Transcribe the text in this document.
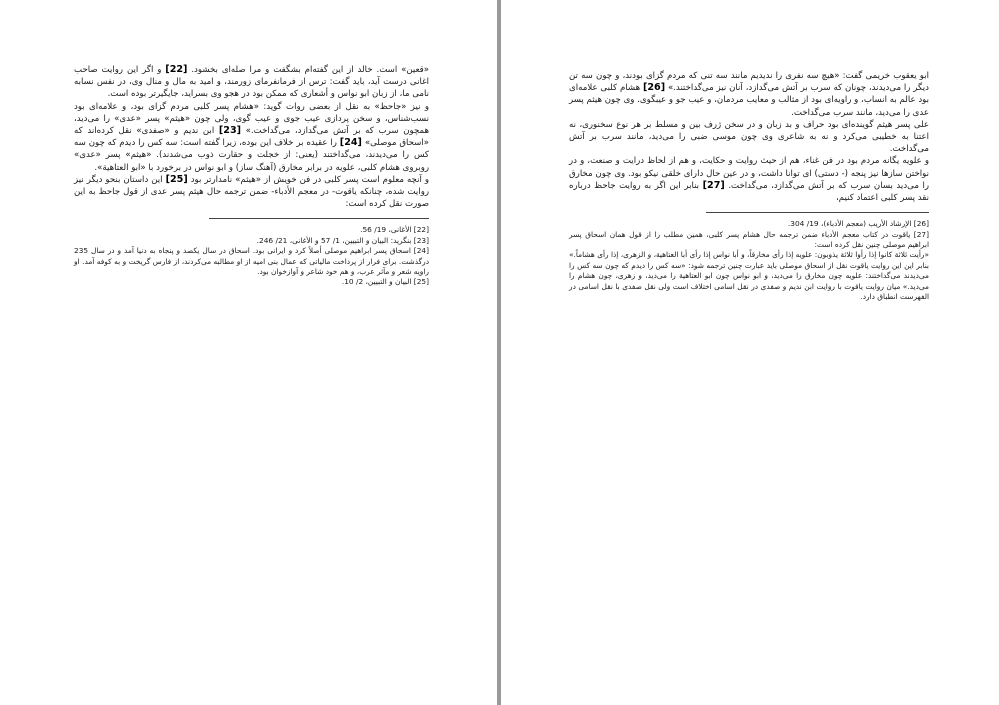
«قعين» است. خالد از این گفته‌ام بشگفت و مرا صله‌ای بخشود. [22] و اگر این روایت صاحب اغانی درست آید، باید گفت: ترس از فرمانفرمای زورمند، و امید به مال و منال وی، در نفس نسابه نامی ما، از زبان ابو نواس و أشعاری که ممکن بود در هجو وی بسراید، جایگیرتر بوده است.

و نیز «جاحظ» به نقل از بعضی روات گوید: «هشام پسر کلبی مردم گزای بود، و علامه‌ای بود نسب‌شناس، و سخن پردازی عیب جوی و عیب گوی، ولی چون «هیثم» پسر «عدی» را می‌دید، همچون سرب که بر آتش می‌گدازد، می‌گداخت.» [23] ابن ندیم و «صفدی» نقل کرده‌اند که «اسحاق موصلی» [24] را عقیده بر خلاف این بوده، زیرا گفته است: سه کس را دیدم که چون سه کس را می‌دیدند، می‌گداختند (یعنی: از خجلت و حقارت ذوب می‌شدند). «هیثم» پسر «عدی» روبروی هشام کلبی، علویه در برابر مخارق (آهنگ ساز) و ابو نواس در برخورد با «ابو العتاهیة».

و آنچه معلوم است پسر کلبی در فن خویش از «هیثم» نامدارتر بود [25] این داستان بنحو دیگر نیز روایت شده، چنانکه یاقوت- در معجم الأدباء- ضمن ترجمه حال هیثم پسر عدی از قول جاحظ به این صورت نقل کرده است:

[22] الأغانی، 19/ 56.

[23] بنگرید: البیان و التبیین، 1/ 57 و الأغانی، 21/ 246.

[24] اسحاق پسر ابراهیم موصلی أصلاً کرد و ایرانی بود. اسحاق در سال یکصد و پنجاه به دنیا آمد و در سال 235 درگذشت. برای فرار از پرداخت مالیاتی که عمال بنی امیه از او مطالبه می‌کردند، از فارس گریخت و به کوفه آمد. او راویه شعر و مآثر عرب، و هم خود شاعر و آوازخوان بود.

[25] البیان و التبیین، 2/ 10.

ابو یعقوب خریمی گفت: «هیچ سه نفری را ندیدیم مانند سه تنی که مردم گزای بودند، و چون سه تن دیگر را می‌دیدند، چونان که سرب بر آتش می‌گدازد، آنان نیز می‌گداختند.» [26] هشام کلبی علامه‌ای بود عالم به انساب، و راویه‌ای بود از مثالب و معایب مردمان، و عیب جو و عیبگوی. وی چون هیثم پسر عدی را می‌دید، مانند سرب می‌گداخت.

علی پسر هیثم گوینده‌ای بود حراف و بد زبان و در سخن ژرف بین و مسلط بر هر نوع سخنوری، نه اعتنا به خطیبی می‌کرد و نه به شاعری وی چون موسی ضبی را می‌دید، مانند سرب بر آتش می‌گداخت.

و علویه یگانه مردم بود در فن غناء، هم از حیث روایت و حکایت، و هم از لحاظ درایت و صنعت، و در نواختن سازها نیز پنجه (- دستی) ای توانا داشت، و در عین حال دارای خلقی نیکو بود. وی چون مخارق را می‌دید بسان سرب که بر آتش می‌گدازد، می‌گداخت. [27] بنابر این اگر به روایت جاحظ درباره نقد پسر کلبی اعتماد کنیم،

[26] الإرشاد الأریب (معجم الأدباء)، 19/ 304.

[27] یاقوت در کتاب معجم الأدباء ضمن ترجمه حال هشام پسر کلبی، همین مطلب را از قول همان اسحاق پسر ابراهیم موصلی چنین نقل کرده است:

«رأیت ثلاثة کانوا إذا رأوا ثلاثة یذوبون: علویه إذا رأی مخارقاً، و أبا نواس إذا رأی أبا العتاهیة، و الزهری، إذا رأی هشاماً.» بنابر این این روایت یاقوت نقل از اسحاق موصلی باید عبارت چنین ترجمه شود: «سه کس را دیدم که چون سه کس را می‌دیدند می‌گداختند: علویه چون مخارق را می‌دید، و ابو نواس چون ابو العتاهیة را می‌دید، و زهری، چون هشام را می‌دید.» میان روایت یاقوت با روایت ابن ندیم و صفدی در نقل اسامی اختلاف است ولی نقل صفدی با نقل اسامی در الفهرست انطباق دارد.
